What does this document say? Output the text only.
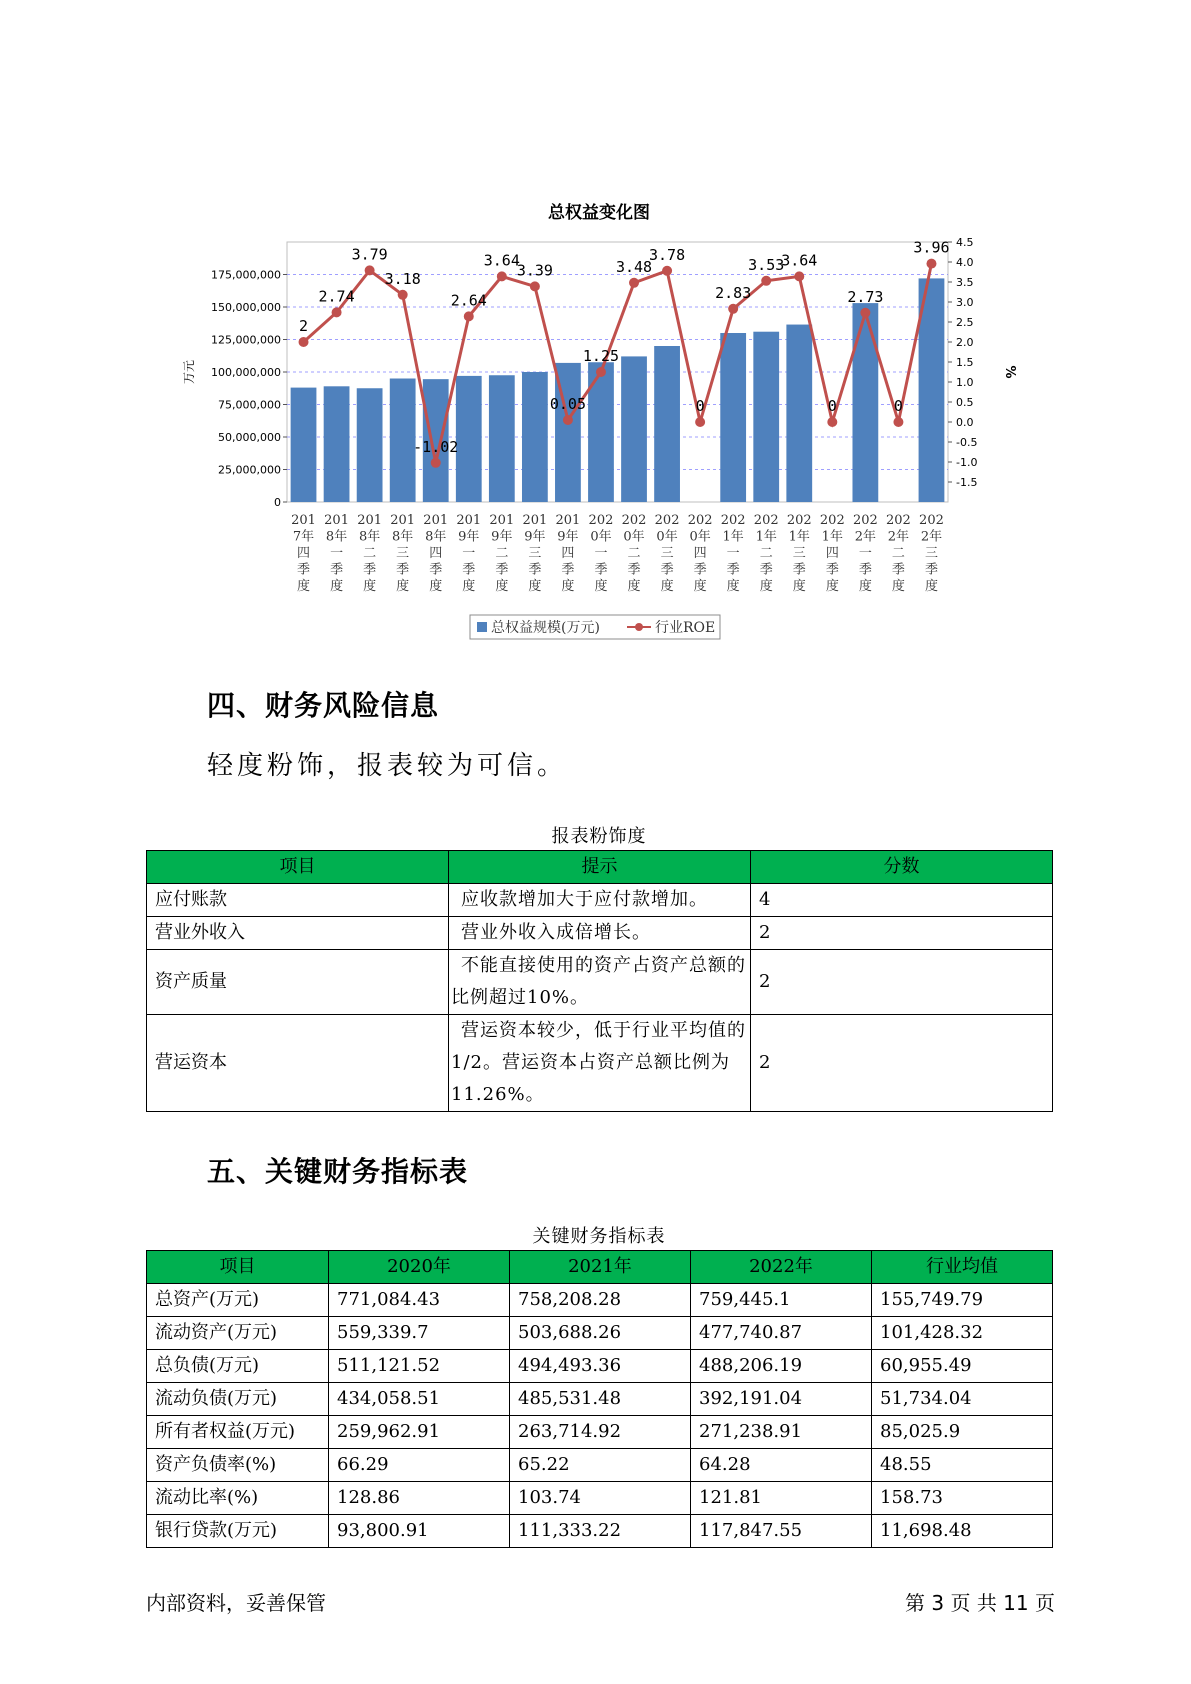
总权益变化图
0
25,000,000
50,000,000
75,000,000
100,000,000
125,000,000
150,000,000
175,000,000
4.5
4.0
3.5
3.0
2.5
2.0
1.5
1.0
0.5
0.0
-0.5
-1.0
-1.5
万元	%
201
7年
四
季
度
201
8年
一
季
度
201
8年
二
季
度
201
8年
三
季
度
201
8年
四
季
度
201
9年
一
季
度
201
9年
二
季
度
201
9年
三
季
度
201
9年
四
季
度
202
0年
一
季
度
202
0年
二
季
度
202
0年
三
季
度
202
0年
四
季
度
202
1年
一
季
度
202
1年
二
季
度
202
1年
三
季
度
202
1年
四
季
度
202
2年
一
季
度
202
2年
二
季
度
202
2年
三
季
度
2
2.74
3.79
3.18
-1.02
2.64
3.64
3.39
0.05
1.25
3.48
3.78
0
2.83
3.53
3.64
0
2.73
0
3.96
总权益规模(万元)	行业ROE
四、财务风险信息

轻度粉饰，报表较为可信。

报表粉饰度
项目	提示	分数
应付账款	应收款增加大于应付款增加。	4
营业外收入	营业外收入成倍增长。	2
资产质量	不能直接使用的资产占资产总额的比例超过10%。	2
营运资本	营运资本较少，低于行业平均值的1/2。营运资本占资产总额比例为11.26%。	2
五、关键财务指标表
关键财务指标表
项目	2020年	2021年	2022年	行业均值
总资产(万元)	771,084.43	758,208.28	759,445.1	155,749.79
流动资产(万元)	559,339.7	503,688.26	477,740.87	101,428.32
总负债(万元)	511,121.52	494,493.36	488,206.19	60,955.49
流动负债(万元)	434,058.51	485,531.48	392,191.04	51,734.04
所有者权益(万元)	259,962.91	263,714.92	271,238.91	85,025.9
资产负债率(%)	66.29	65.22	64.28	48.55
流动比率(%)	128.86	103.74	121.81	158.73
银行贷款(万元)	93,800.91	111,333.22	117,847.55	11,698.48
内部资料，妥善保管	第 3 页 共 11 页
